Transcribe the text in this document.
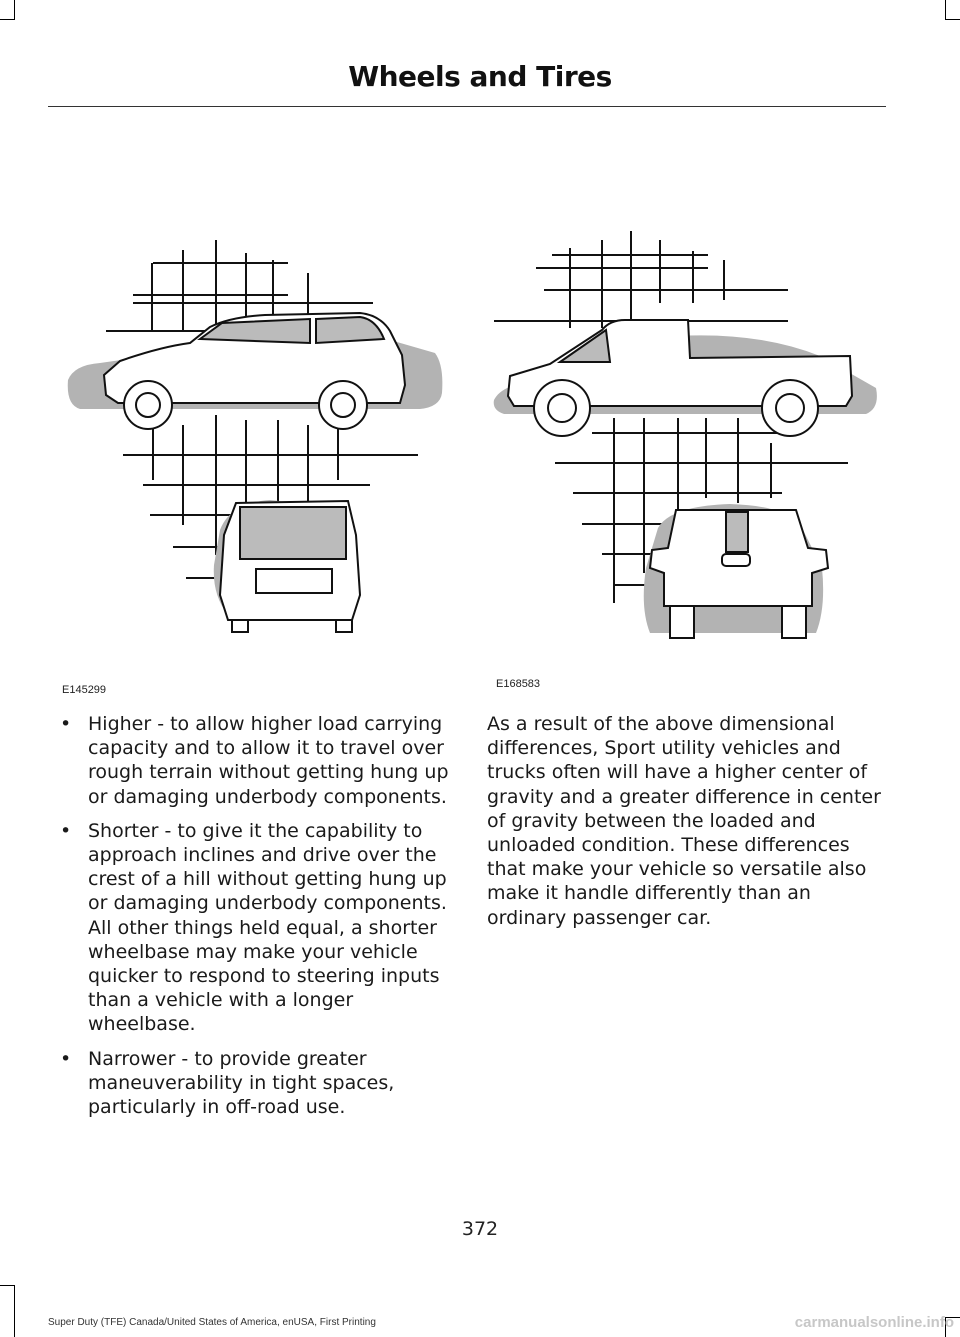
Wheels and Tires
E145299	E168583
• Higher - to allow higher load carrying capacity and to allow it to travel over rough terrain without getting hung up or damaging underbody components.
• Shorter - to give it the capability to approach inclines and drive over the crest of a hill without getting hung up or damaging underbody components. All other things held equal, a shorter wheelbase may make your vehicle quicker to respond to steering inputs than a vehicle with a longer wheelbase.
• Narrower - to provide greater maneuverability in tight spaces, particularly in off-road use.

As a result of the above dimensional differences, Sport utility vehicles and trucks often will have a higher center of gravity and a greater difference in center of gravity between the loaded and unloaded condition. These differences that make your vehicle so versatile also make it handle differently than an ordinary passenger car.

372
Super Duty (TFE) Canada/United States of America, enUSA, First Printing	carmanualsonline.info
